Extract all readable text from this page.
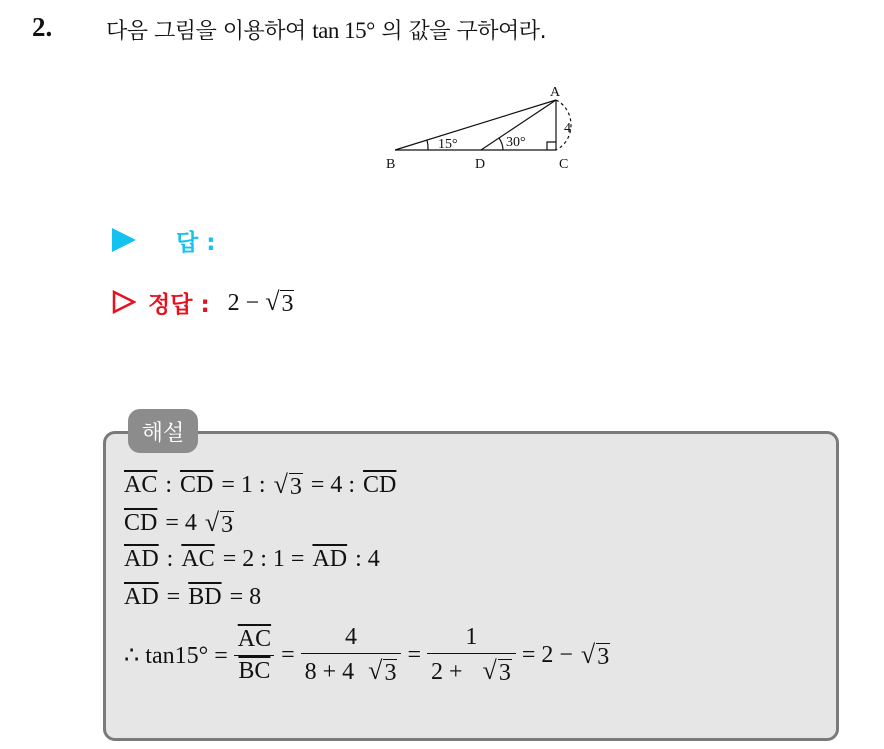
2. 다음 그림을 이용하여 tan 15° 의 값을 구하여라.
A
B	C
D
15°	30°
4
답 :
정답 : 2 − √ 3
해설
$\overline{AC}$ : $\overline{CD} = 1$ : √ 3 = 4 : $\overline{CD}$
$\overline{CD} = 4$ √ 3
$\overline{AD}$ : $\overline{AC} = 2$ : $1 = \overline{AD}$ : 4
$\overline{AD} = \overline{BD} = 8$
∴ $\tan 15^\circ = \frac{\overline{AC}}{BC} = \frac{4}{8 + 4 √ 3} = \frac{1}{2 + √ 3} = 2$ − √ 3
